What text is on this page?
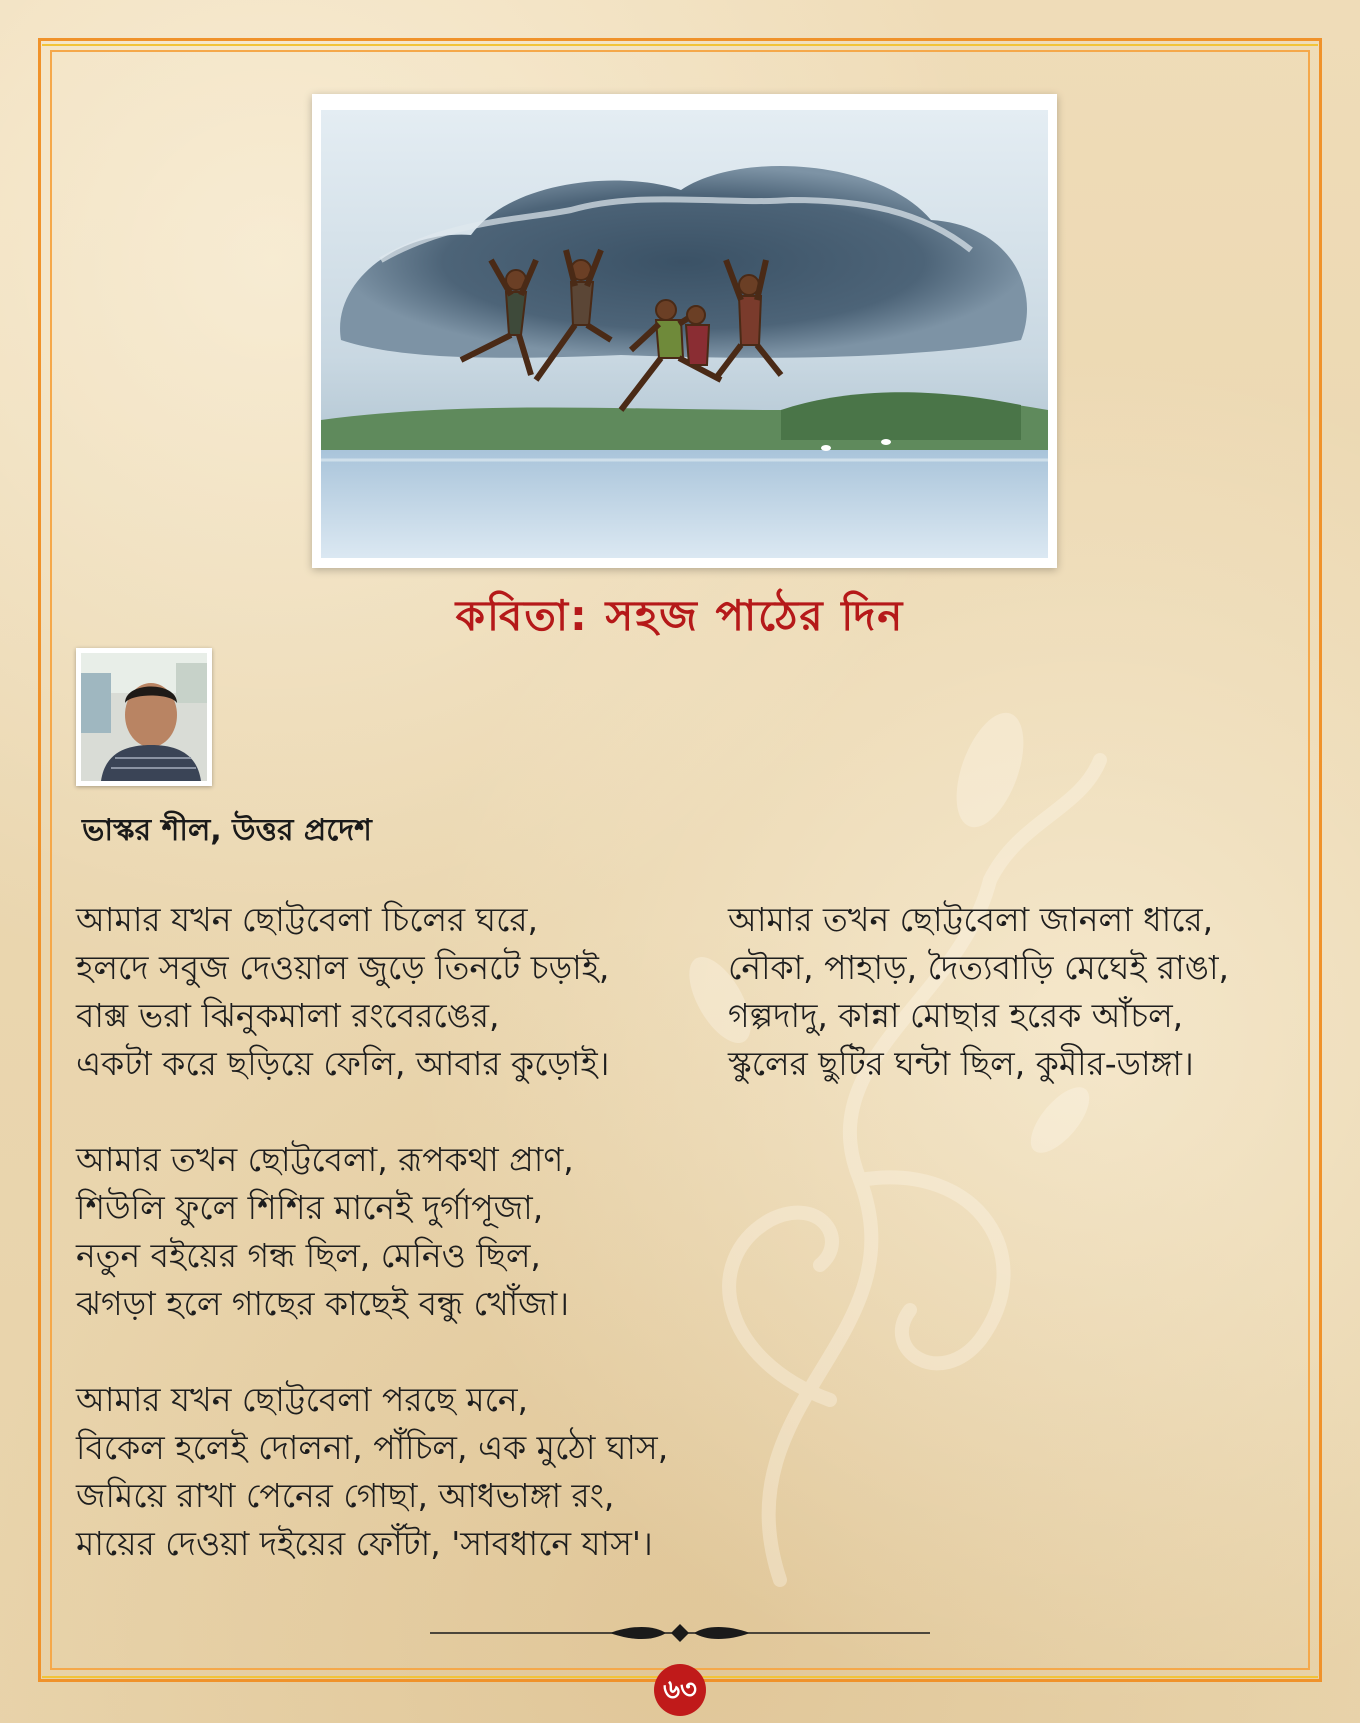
কবিতা: সহজ পাঠের দিন
ভাস্কর শীল, উত্তর প্রদেশ
আমার যখন ছোট্টবেলা চিলের ঘরে,
হলদে সবুজ দেওয়াল জুড়ে তিনটে চড়াই,
বাক্স ভরা ঝিনুকমালা রংবেরঙের,
একটা করে ছড়িয়ে ফেলি, আবার কুড়োই।
আমার তখন ছোট্টবেলা, রূপকথা প্রাণ,
শিউলি ফুলে শিশির মানেই দুর্গাপূজা,
নতুন বইয়ের গন্ধ ছিল, মেনিও ছিল,
ঝগড়া হলে গাছের কাছেই বন্ধু খোঁজা।
আমার যখন ছোট্টবেলা পরছে মনে,
বিকেল হলেই দোলনা, পাঁচিল, এক মুঠো ঘাস,
জমিয়ে রাখা পেনের গোছা, আধভাঙ্গা রং,
মায়ের দেওয়া দইয়ের ফোঁটা, 'সাবধানে যাস'।
আমার তখন ছোট্টবেলা জানলা ধারে,
নৌকা, পাহাড়, দৈত্যবাড়ি মেঘেই রাঙা,
গল্পদাদু, কান্না মোছার হরেক আঁচল,
স্কুলের ছুটির ঘন্টা ছিল, কুমীর-ডাঙ্গা।
৬৩
